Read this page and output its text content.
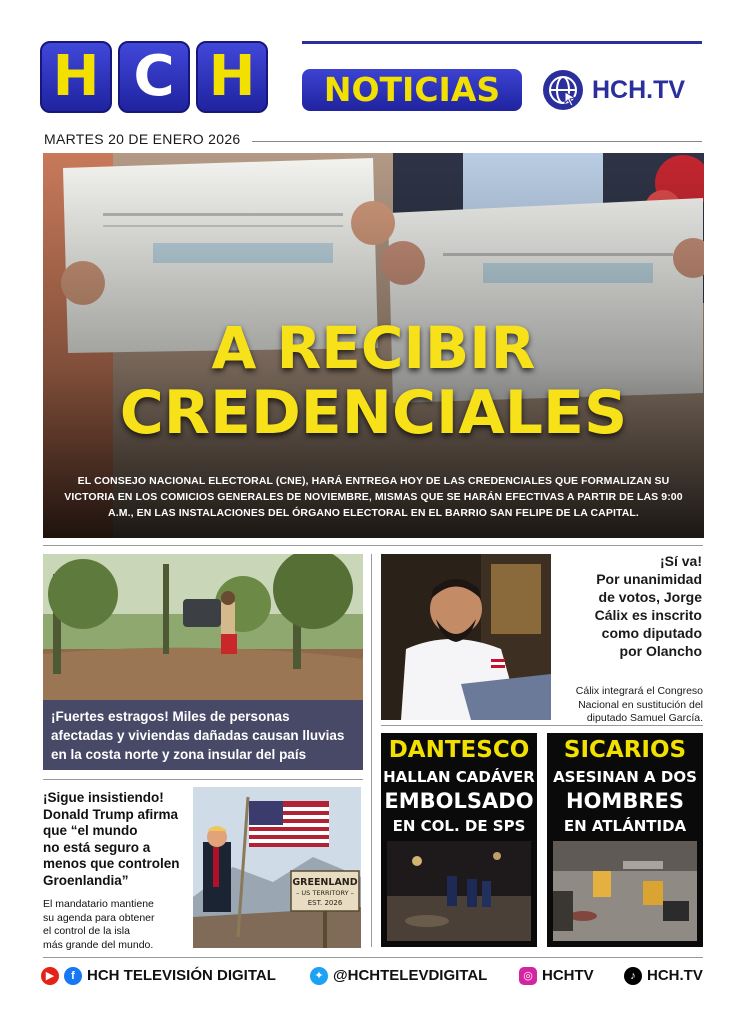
H C H	NOTICIAS	HCH.TV
MARTES 20 DE ENERO 2026
A RECIBIR
CREDENCIALES
EL CONSEJO NACIONAL ELECTORAL (CNE), HARÁ ENTREGA HOY DE LAS CREDENCIALES QUE FORMALIZAN SU VICTORIA EN LOS COMICIOS GENERALES DE NOVIEMBRE, MISMAS QUE SE HARÁN EFECTIVAS A PARTIR DE LAS 9:00 A.M., EN LAS INSTALACIONES DEL ÓRGANO ELECTORAL EN EL BARRIO SAN FELIPE DE LA CAPITAL.
¡Fuertes estragos! Miles de personas afectadas y viviendas dañadas causan lluvias en la costa norte y zona insular del país
¡Sí va!
Por unanimidad
de votos, Jorge
Cálix es inscrito
como diputado
por Olancho
Cálix integrará el Congreso
Nacional en sustitución del
diputado Samuel García.
¡Sigue insistiendo!
Donald Trump afirma
que “el mundo
no está seguro a
menos que controlen
Groenlandia”
El mandatario mantiene
su agenda para obtener
el control de la isla
más grande del mundo.
GREENLAND
– US TERRITORY –
EST. 2026
DANTESCO
HALLAN CADÁVER
EMBOLSADO
EN COL. DE SPS
SICARIOS
ASESINAN A DOS
HOMBRES
EN ATLÁNTIDA
▶	f HCH TELEVISIÓN DIGITAL	✦ @HCHTELEVDIGITAL	◎ HCHTV	♪ HCH.TV
